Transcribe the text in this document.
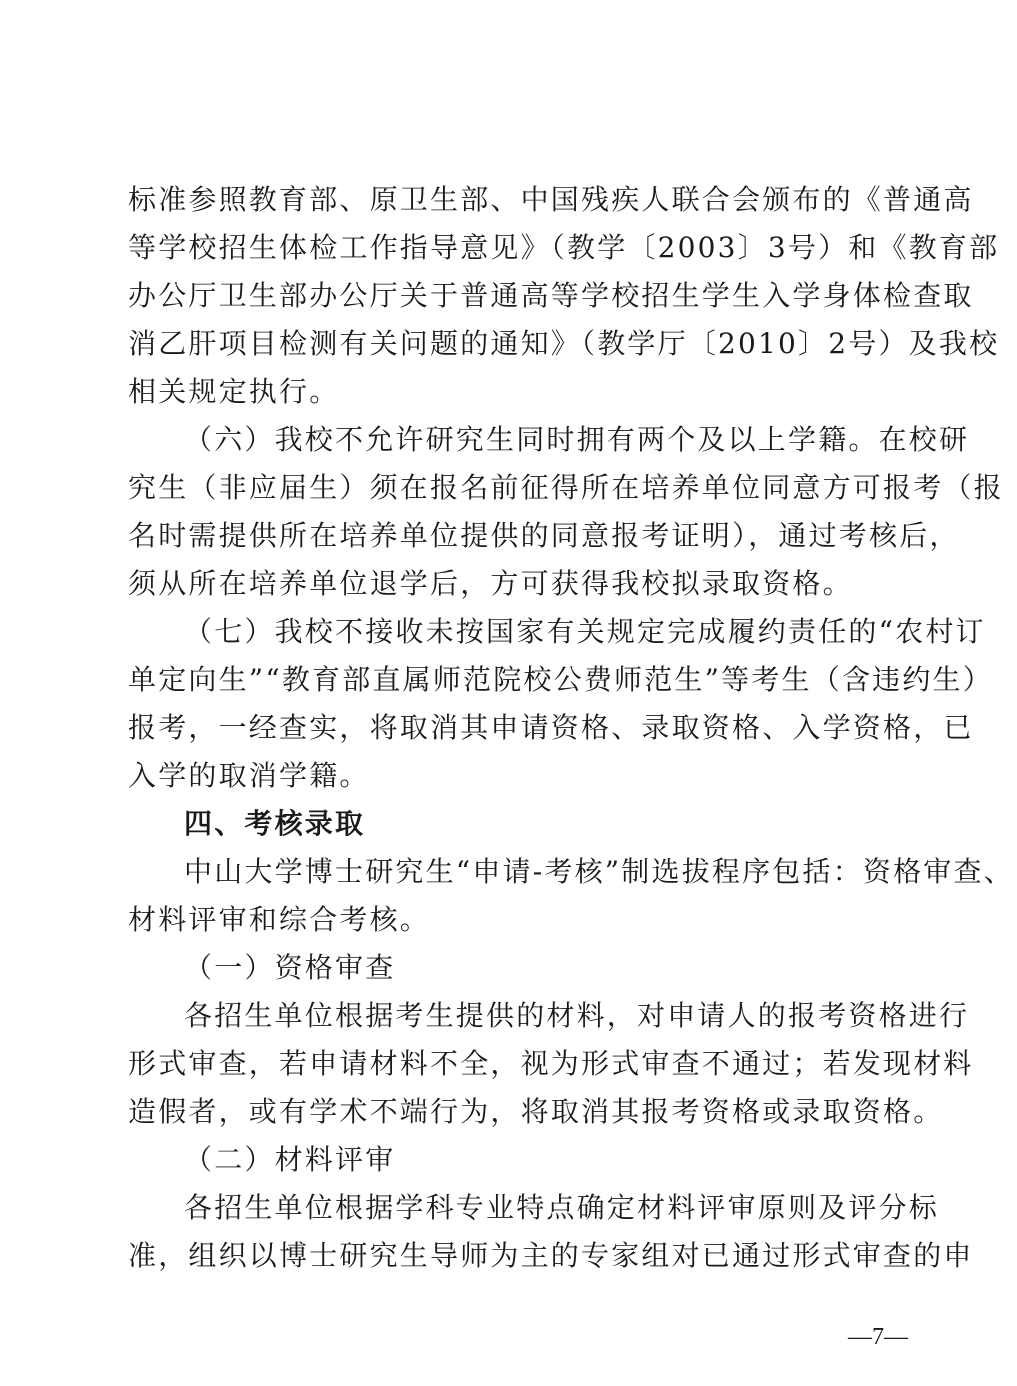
标准参照教育部、原卫生部、中国残疾人联合会颁布的《普通高
等学校招生体检工作指导意见》（教学〔2003〕3号）和《教育部
办公厅卫生部办公厅关于普通高等学校招生学生入学身体检查取
消乙肝项目检测有关问题的通知》（教学厅〔2010〕2号）及我校
相关规定执行。
（六）我校不允许研究生同时拥有两个及以上学籍。在校研
究生（非应届生）须在报名前征得所在培养单位同意方可报考（报
名时需提供所在培养单位提供的同意报考证明），通过考核后，
须从所在培养单位退学后，方可获得我校拟录取资格。
（七）我校不接收未按国家有关规定完成履约责任的“农村订
单定向生”“教育部直属师范院校公费师范生”等考生（含违约生）
报考，一经查实，将取消其申请资格、录取资格、入学资格，已
入学的取消学籍。
四、考核录取
中山大学博士研究生“申请-考核”制选拔程序包括：资格审查、
材料评审和综合考核。
（一）资格审查
各招生单位根据考生提供的材料，对申请人的报考资格进行
形式审查，若申请材料不全，视为形式审查不通过；若发现材料
造假者，或有学术不端行为，将取消其报考资格或录取资格。
（二）材料评审
各招生单位根据学科专业特点确定材料评审原则及评分标
准，组织以博士研究生导师为主的专家组对已通过形式审查的申
—7—
